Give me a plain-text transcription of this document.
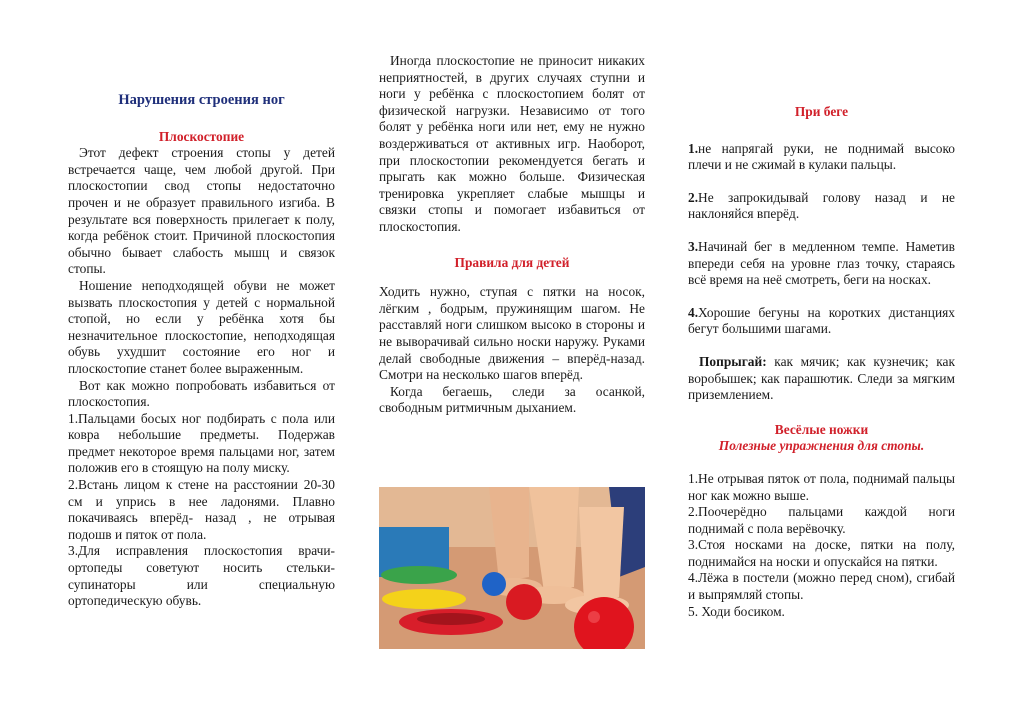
Нарушения строения ног
Плоскостопие

Этот дефект строения стопы у детей встречается чаще, чем любой другой. При плоскостопии свод стопы недостаточно прочен и не образует правильного изгиба. В результате вся поверхность прилегает к полу, когда ребёнок стоит. Причиной плоскостопия обычно бывает слабость мышц и связок стопы.

Ношение неподходящей обуви не может вызвать плоскостопия у детей с нормальной стопой, но если у ребёнка хотя бы незначительное плоскостопие, неподходящая обувь ухудшит состояние его ног и плоскостопие станет более выраженным.

Вот как можно попробовать избавиться от плоскостопия.

1.Пальцами босых ног подбирать с пола или ковра небольшие предметы. Подержав предмет некоторое время пальцами ног, затем положив его в стоящую на полу миску.

2.Встань лицом к стене на расстоянии 20-30 см и упрись в нее ладонями. Плавно покачиваясь вперёд- назад , не отрывая подошв и пяток от пола.

3.Для исправления плоскостопия врачи-ортопеды советуют носить стельки-супинаторы или специальную ортопедическую обувь.

Иногда плоскостопие не приносит никаких неприятностей, в других случаях ступни и ноги у ребёнка с плоскостопием болят от физической нагрузки. Независимо от того болят у ребёнка ноги или нет, ему не нужно воздерживаться от активных игр. Наоборот, при плоскостопии рекомендуется бегать и прыгать как можно больше. Физическая тренировка укрепляет слабые мышцы и связки стопы и помогает избавиться от плоскостопия.

Правила для детей

Ходить нужно, ступая с пятки на носок, лёгким , бодрым, пружинящим шагом. Не расставляй ноги слишком высоко в стороны и не выворачивай сильно носки наружу. Руками делай свободные движения – вперёд-назад. Смотри на несколько шагов вперёд.

Когда бегаешь, следи за осанкой, свободным ритмичным дыханием.

При беге

1.не напрягай руки, не поднимай высоко плечи и не сжимай в кулаки пальцы.

2.Не запрокидывай голову назад и не наклоняйся вперёд.

3.Начинай бег в медленном темпе. Наметив впереди себя на уровне глаз точку, стараясь всё время на неё смотреть, беги на носках.

4.Хорошие бегуны на коротких дистанциях бегут большими шагами.

Попрыгай: как мячик; как кузнечик; как воробышек; как парашютик. Следи за мягким приземлением.

Весёлые ножки
Полезные упражнения для стопы.

1.Не отрывая пяток от пола, поднимай пальцы ног как можно выше.

2.Поочерёдно пальцами каждой ноги поднимай с пола верёвочку.

3.Стоя носками на доске, пятки на полу, поднимайся на носки и опускайся на пятки.

4.Лёжа в постели (можно перед сном), сгибай и выпрямляй стопы.

5. Ходи босиком.
